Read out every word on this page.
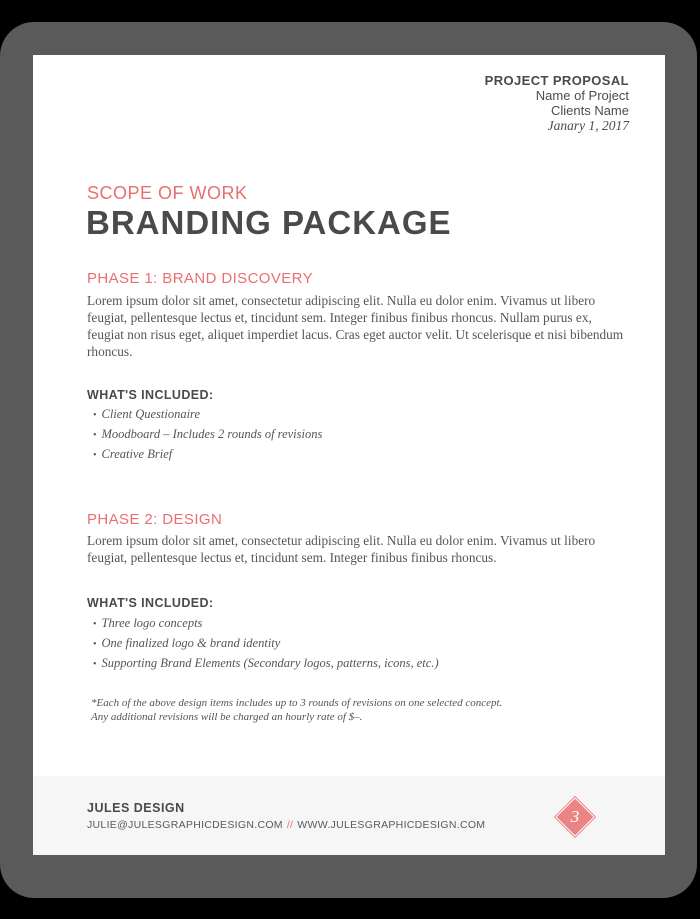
PROJECT PROPOSAL
Name of Project
Clients Name
Janary 1, 2017
SCOPE OF WORK
BRANDING PACKAGE
PHASE 1: BRAND DISCOVERY
Lorem ipsum dolor sit amet, consectetur adipiscing elit. Nulla eu dolor enim. Vivamus ut libero feugiat, pellentesque lectus et, tincidunt sem. Integer finibus finibus rhoncus. Nullam purus ex, feugiat non risus eget, aliquet imperdiet lacus. Cras eget auctor velit. Ut scelerisque et nisi bibendum rhoncus.
WHAT'S INCLUDED:
• Client Questionaire
• Moodboard – Includes 2 rounds of revisions
• Creative Brief
PHASE 2: DESIGN
Lorem ipsum dolor sit amet, consectetur adipiscing elit. Nulla eu dolor enim. Vivamus ut libero feugiat, pellentesque lectus et, tincidunt sem. Integer finibus finibus rhoncus.
WHAT'S INCLUDED:
• Three logo concepts
• One finalized logo & brand identity
• Supporting Brand Elements (Secondary logos, patterns, icons, etc.)
*Each of the above design items includes up to 3 rounds of revisions on one selected concept. Any additional revisions will be charged an hourly rate of $–.
JULES DESIGN
JULIE@JULESGRAPHICDESIGN.COM // WWW.JULESGRAPHICDESIGN.COM	3
